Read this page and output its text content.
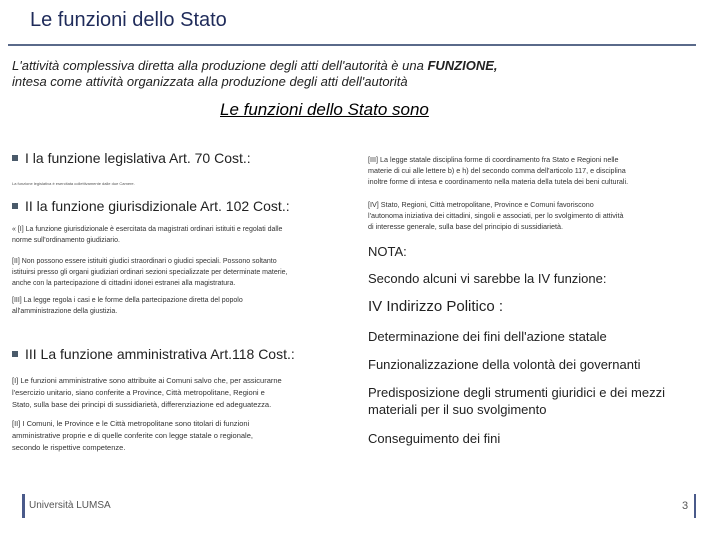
Le funzioni dello Stato
L'attività complessiva diretta alla produzione degli atti dell'autorità è una FUNZIONE,
intesa come attività organizzata alla produzione degli atti dell'autorità
Le funzioni dello Stato sono
I la funzione legislativa Art. 70 Cost.:
La funzione legislativa è esercitata collettivamente dalle due Camere.
II la funzione giurisdizionale Art. 102 Cost.:
« [I] La funzione giurisdizionale è esercitata da magistrati ordinari istituiti e regolati dalle
norme sull'ordinamento giudiziario.
[II] Non possono essere istituiti giudici straordinari o giudici speciali. Possono soltanto
istituirsi presso gli organi giudiziari ordinari sezioni specializzate per determinate materie,
anche con la partecipazione di cittadini idonei estranei alla magistratura.
[III] La legge regola i casi e le forme della partecipazione diretta del popolo
all'amministrazione della giustizia.
III La funzione amministrativa Art.118 Cost.:
[I] Le funzioni amministrative sono attribuite ai Comuni salvo che, per assicurarne
l'esercizio unitario, siano conferite a Province, Città metropolitane, Regioni e
Stato, sulla base dei principi di sussidiarietà, differenziazione ed adeguatezza.
[II] I Comuni, le Province e le Città metropolitane sono titolari di funzioni
amministrative proprie e di quelle conferite con legge statale o regionale,
secondo le rispettive competenze.
[III] La legge statale disciplina forme di coordinamento fra Stato e Regioni nelle
materie di cui alle lettere b) e h) del secondo comma dell'articolo 117, e disciplina
inoltre forme di intesa e coordinamento nella materia della tutela dei beni culturali.
[IV] Stato, Regioni, Città metropolitane, Province e Comuni favoriscono
l'autonoma iniziativa dei cittadini, singoli e associati, per lo svolgimento di attività
di interesse generale, sulla base del principio di sussidiarietà.
NOTA:
Secondo alcuni vi sarebbe la IV funzione:
IV Indirizzo Politico :
Determinazione dei fini dell'azione statale
Funzionalizzazione della volontà dei governanti
Predisposizione degli strumenti giuridici e dei mezzi
materiali per il suo svolgimento
Conseguimento dei fini
Università LUMSA	3
